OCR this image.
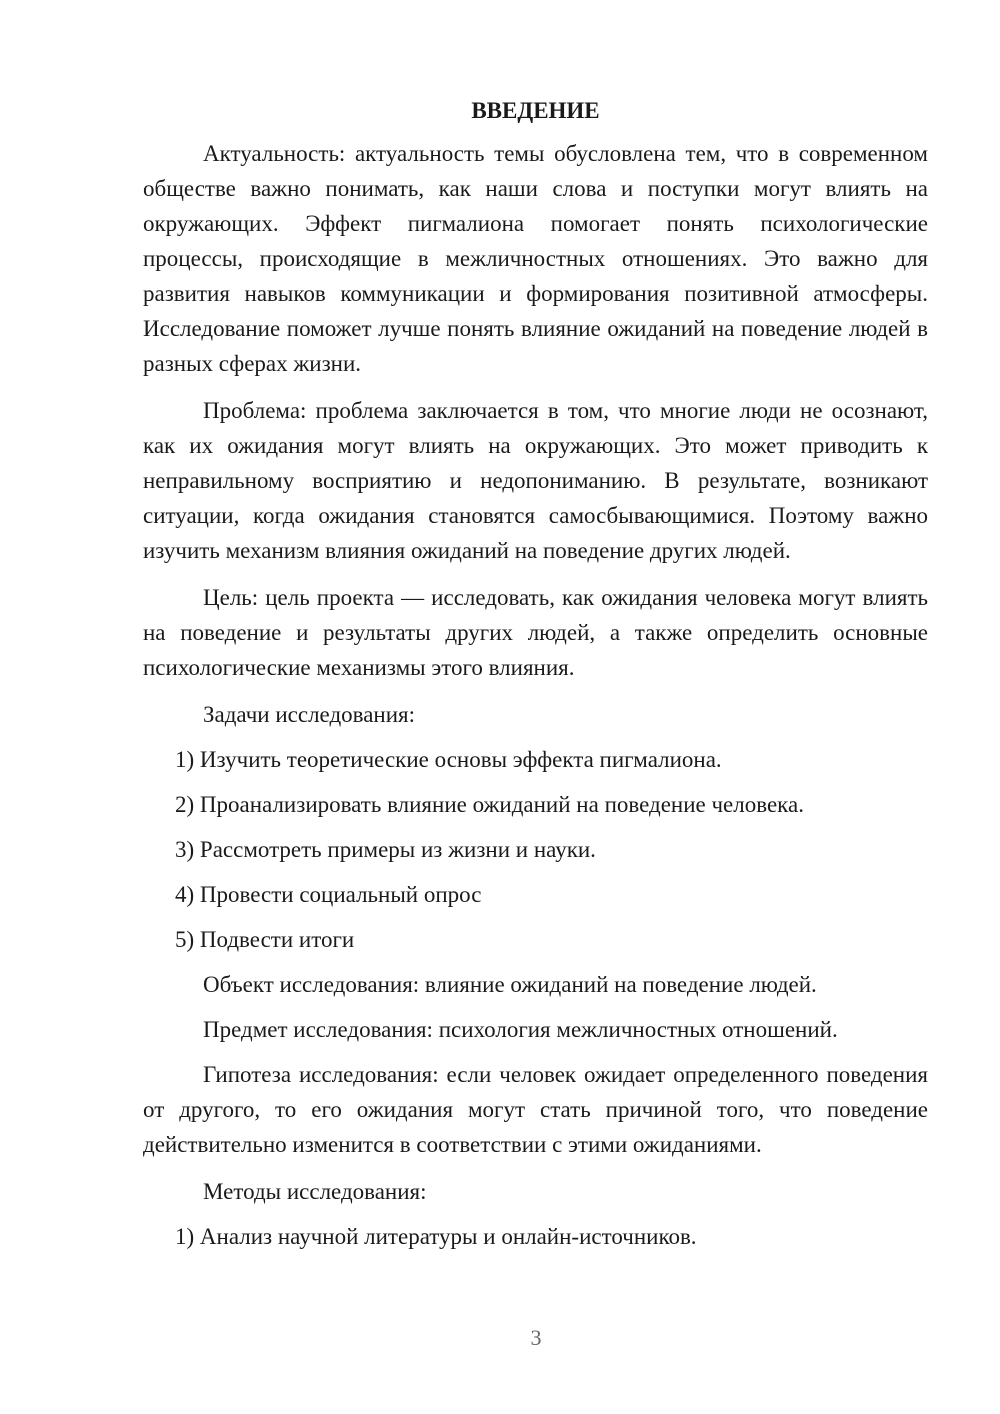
ВВЕДЕНИЕ

Актуальность: актуальность темы обусловлена тем, что в современном обществе важно понимать, как наши слова и поступки могут влиять на окружающих. Эффект пигмалиона помогает понять психологические процессы, происходящие в межличностных отношениях. Это важно для развития навыков коммуникации и формирования позитивной атмосферы. Исследование поможет лучше понять влияние ожиданий на поведение людей в разных сферах жизни.

Проблема: проблема заключается в том, что многие люди не осознают, как их ожидания могут влиять на окружающих. Это может приводить к неправильному восприятию и недопониманию. В результате, возникают ситуации, когда ожидания становятся самосбывающимися. Поэтому важно изучить механизм влияния ожиданий на поведение других людей.

Цель: цель проекта — исследовать, как ожидания человека могут влиять на поведение и результаты других людей, а также определить основные психологические механизмы этого влияния.

Задачи исследования:

1) Изучить теоретические основы эффекта пигмалиона.

2) Проанализировать влияние ожиданий на поведение человека.

3) Рассмотреть примеры из жизни и науки.

4) Провести социальный опрос

5) Подвести итоги

Объект исследования: влияние ожиданий на поведение людей.

Предмет исследования: психология межличностных отношений.

Гипотеза исследования: если человек ожидает определенного поведения от другого, то его ожидания могут стать причиной того, что поведение действительно изменится в соответствии с этими ожиданиями.

Методы исследования:

1) Анализ научной литературы и онлайн-источников.

3
